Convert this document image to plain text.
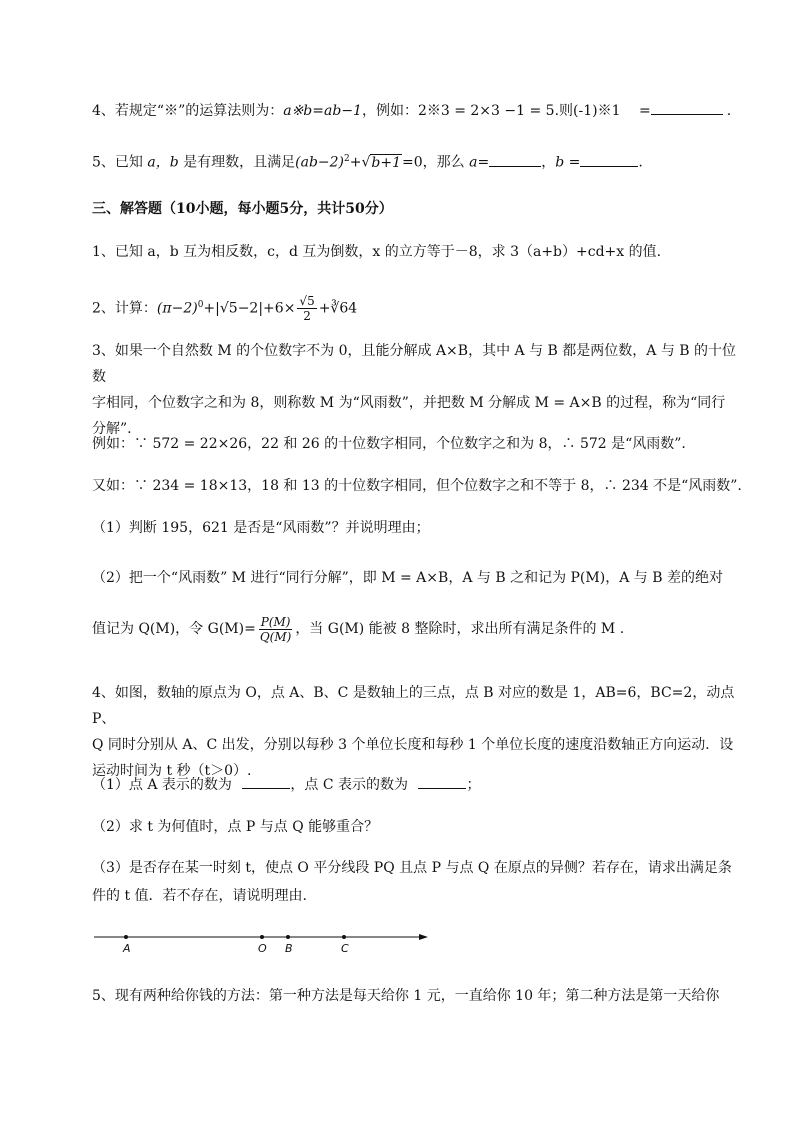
4、若规定“※”的运算法则为：a※b=ab−1，例如：2※3 = 2×3 −1 = 5.则(-1)※1 =	.
5、已知 a，b 是有理数，且满足$(ab-2)^2+√b+1=0$，那么 a=	，b =	.
三、解答题（10小题，每小题5分，共计50分）
1、已知 a，b 互为相反数，c，d 互为倒数，x 的立方等于－8，求 3（a+b）+cd+x 的值.
2、计算：$(\pi-2)^0+|√5-2|+6\times \frac{√5}{2}$ +∛64
3、如果一个自然数 M 的个位数字不为 0，且能分解成 A×B，其中 A 与 B 都是两位数，A 与 B 的十位数
字相同，个位数字之和为 8，则称数 M 为“风雨数”，并把数 M 分解成 M = A×B 的过程，称为“同行
分解”.
例如：∵ 572 = 22×26，22 和 26 的十位数字相同，个位数字之和为 8，∴ 572 是“风雨数”.
又如：∵ 234 = 18×13，18 和 13 的十位数字相同，但个位数字之和不等于 8，∴ 234 不是“风雨数”.
（1）判断 195，621 是否是“风雨数”？并说明理由；
（2）把一个“风雨数” M 进行“同行分解”，即 M = A×B，A 与 B 之和记为 P(M)，A 与 B 差的绝对
值记为 Q(M)，令 $G(M)= \frac{P(M)}{Q(M)}$ ，当 G(M) 能被 8 整除时，求出所有满足条件的 M .
4、如图，数轴的原点为 O，点 A、B、C 是数轴上的三点，点 B 对应的数是 1，AB=6，BC=2，动点 P、
Q 同时分别从 A、C 出发，分别以每秒 3 个单位长度和每秒 1 个单位长度的速度沿数轴正方向运动．设
运动时间为 t 秒（t＞0）.
（1）点 A 表示的数为	，点 C 表示的数为	；
（2）求 t 为何值时，点 P 与点 Q 能够重合？
（3）是否存在某一时刻 t，使点 O 平分线段 PQ 且点 P 与点 Q 在原点的异侧？若存在，请求出满足条
件的 t 值．若不存在，请说明理由.
A	O B	C
5、现有两种给你钱的方法：第一种方法是每天给你 1 元，一直给你 10 年；第二种方法是第一天给你
